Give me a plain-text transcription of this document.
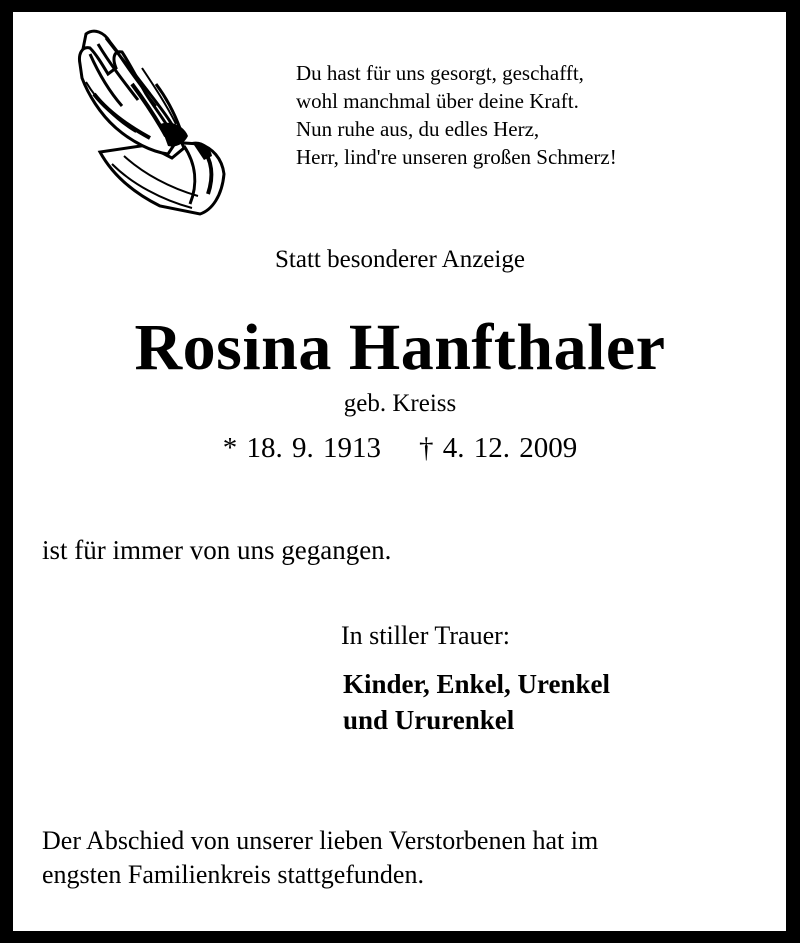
Du hast für uns gesorgt, geschafft,
wohl manchmal über deine Kraft.
Nun ruhe aus, du edles Herz,
Herr, lind're unseren großen Schmerz!
Statt besonderer Anzeige
Rosina Hanfthaler
geb. Kreiss
* 18. 9. 1913 † 4. 12. 2009
ist für immer von uns gegangen.
In stiller Trauer:
Kinder, Enkel, Urenkel
und Ururenkel
Der Abschied von unserer lieben Verstorbenen hat im
engsten Familienkreis stattgefunden.
